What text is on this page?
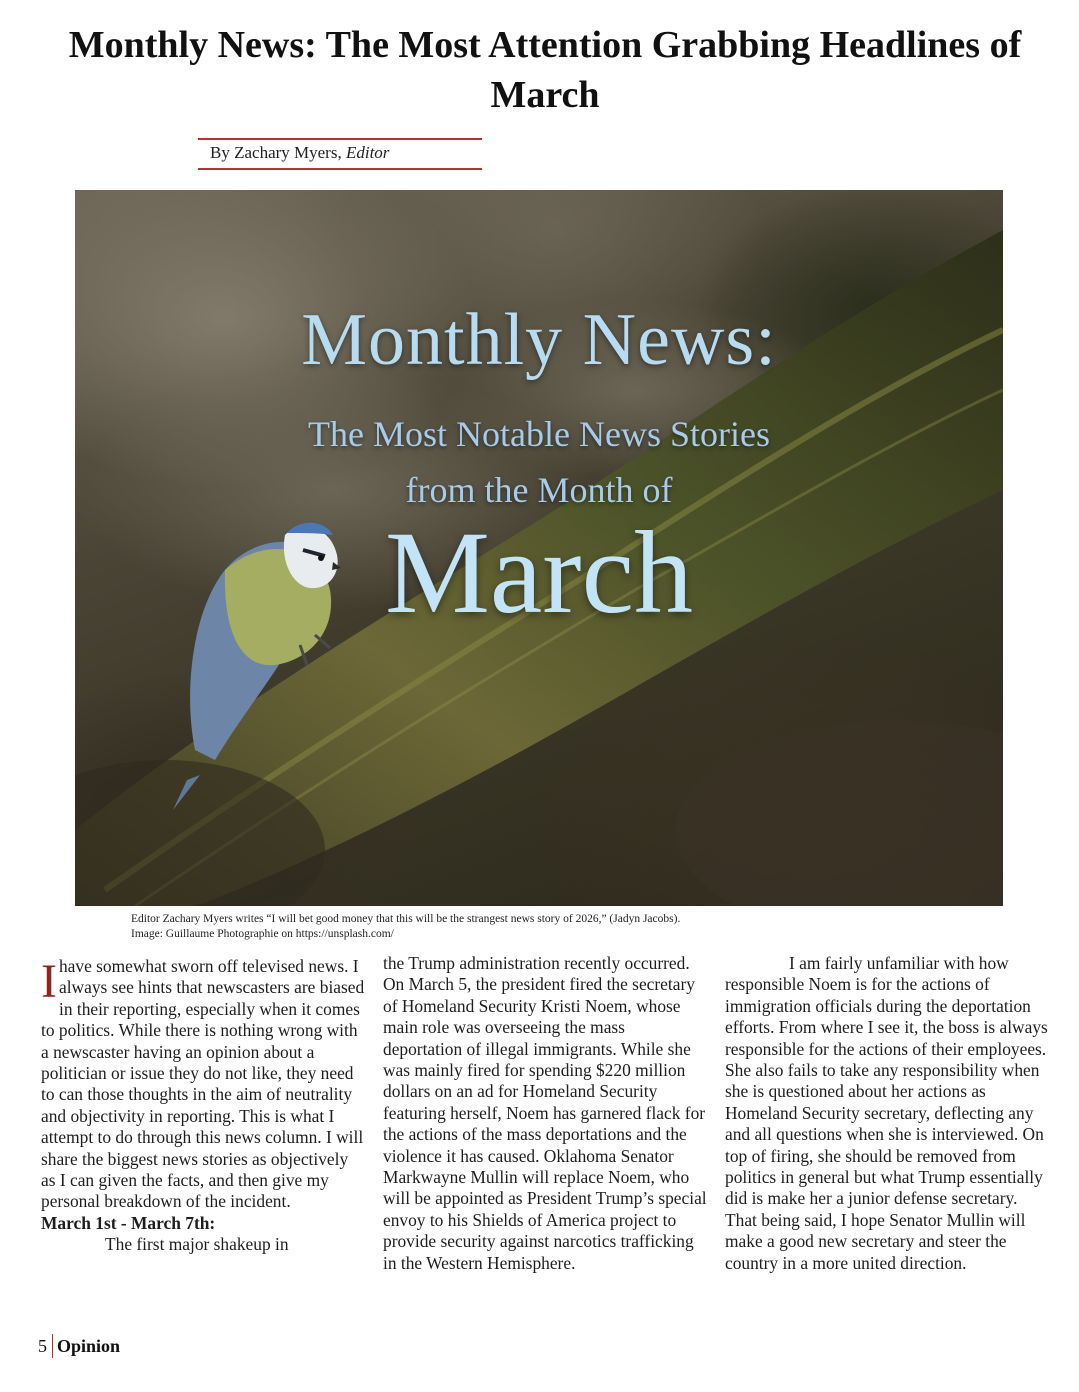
Monthly News: The Most Attention Grabbing Headlines of March
By Zachary Myers, Editor

Monthly News:

The Most Notable News Stories

from the Month of

March

Editor Zachary Myers writes “I will bet good money that this will be the strangest news story of 2026,” (Jadyn Jacobs).
Image: Guillaume Photographie on https://unsplash.com/

I have somewhat sworn off televised news. I always see hints that newscasters are biased in their reporting, especially when it comes to politics. While there is nothing wrong with a newscaster having an opinion about a politician or issue they do not like, they need to can those thoughts in the aim of neutrality and objectivity in reporting. This is what I attempt to do through this news column. I will share the biggest news stories as objectively as I can given the facts, and then give my personal breakdown of the incident.

March 1st - March 7th:

The first major shakeup in

the Trump administration recently occurred. On March 5, the president fired the secretary of Homeland Security Kristi Noem, whose main role was overseeing the mass deportation of illegal immigrants. While she was mainly fired for spending $220 million dollars on an ad for Homeland Security featuring herself, Noem has garnered flack for the actions of the mass deportations and the violence it has caused. Oklahoma Senator Markwayne Mullin will replace Noem, who will be appointed as President Trump’s special envoy to his Shields of America project to provide security against narcotics trafficking in the Western Hemisphere.

I am fairly unfamiliar with how responsible Noem is for the actions of immigration officials during the deportation efforts. From where I see it, the boss is always responsible for the actions of their employees. She also fails to take any responsibility when she is questioned about her actions as Homeland Security secretary, deflecting any and all questions when she is interviewed. On top of firing, she should be removed from politics in general but what Trump essentially did is make her a junior defense secretary. That being said, I hope Senator Mullin will make a good new secretary and steer the country in a more united direction.

5 Opinion
